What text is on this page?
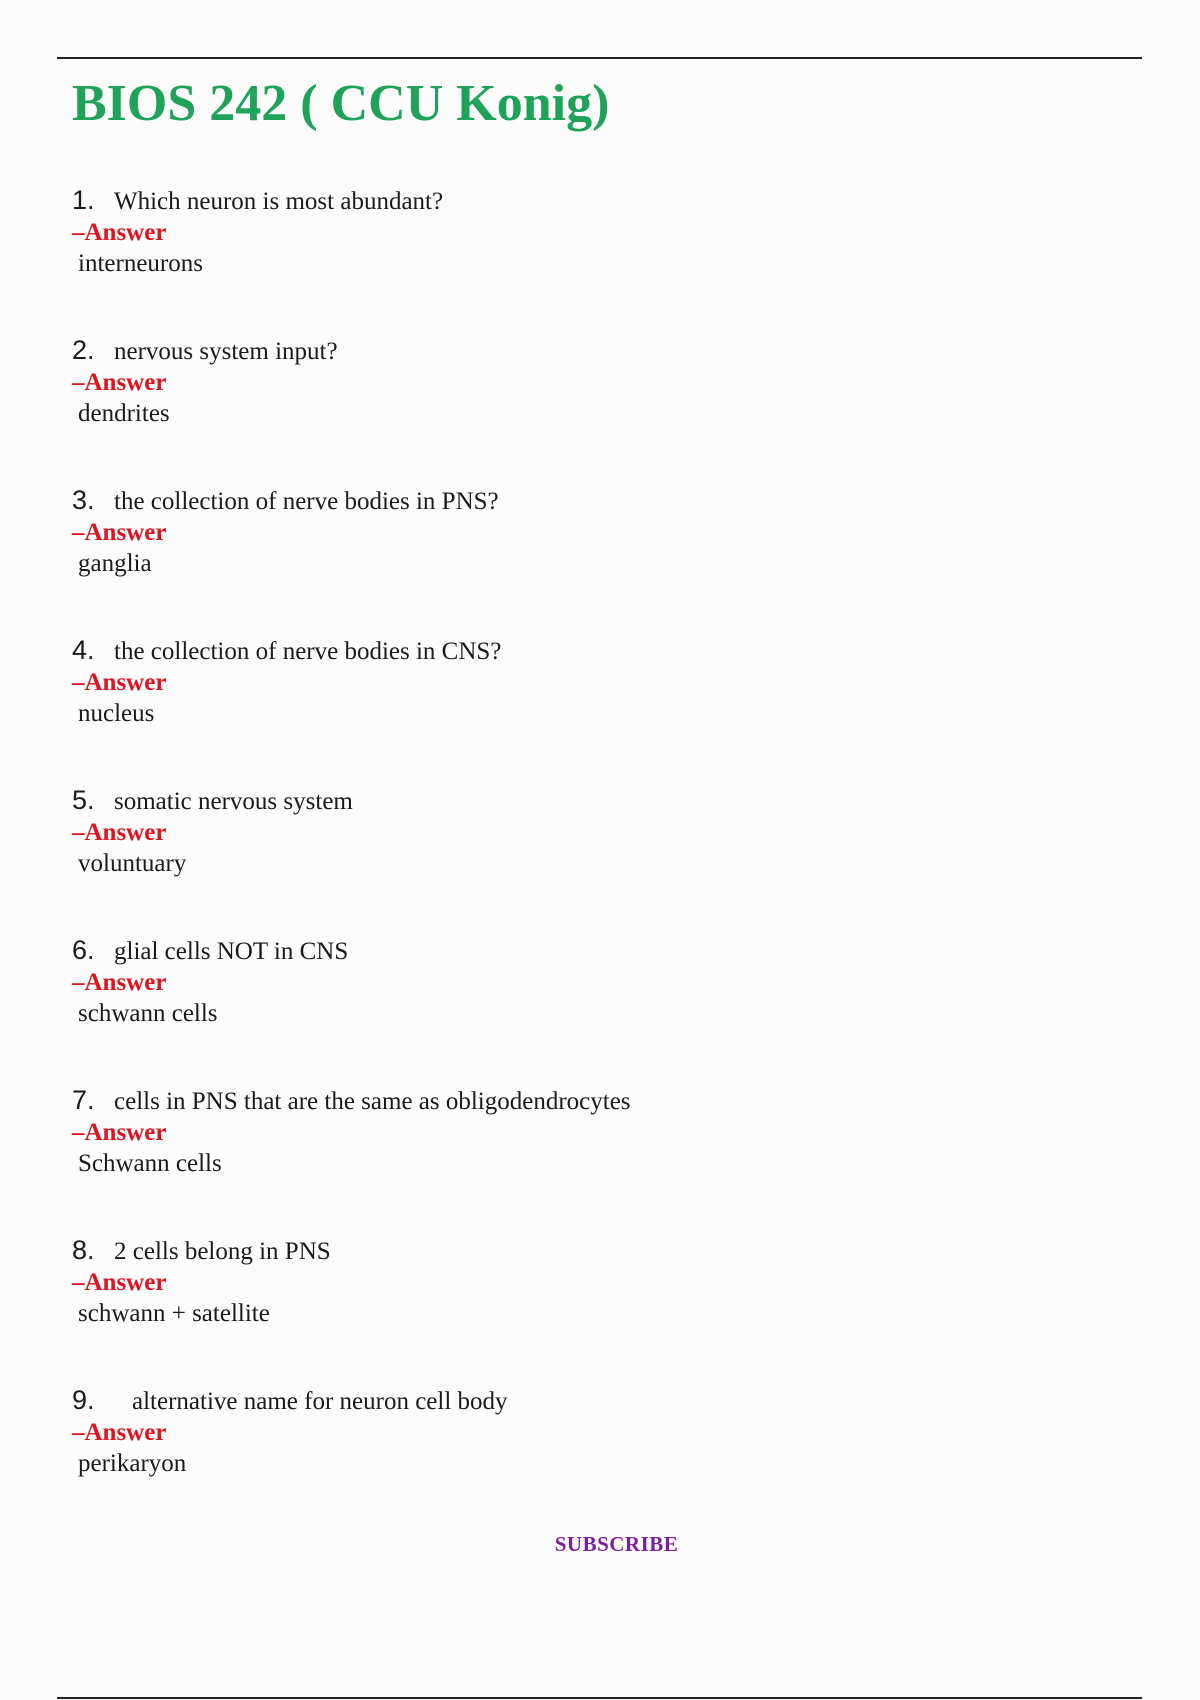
BIOS 242 ( CCU Konig)
1. Which neuron is most abundant?
–Answer
interneurons
2. nervous system input?
–Answer
dendrites
3. the collection of nerve bodies in PNS?
–Answer
ganglia
4. the collection of nerve bodies in CNS?
–Answer
nucleus
5. somatic nervous system
–Answer
voluntuary
6. glial cells NOT in CNS
–Answer
schwann cells
7. cells in PNS that are the same as obligodendrocytes
–Answer
Schwann cells
8. 2 cells belong in PNS
–Answer
schwann + satellite
9. alternative name for neuron cell body
–Answer
perikaryon
SUBSCRIBE
